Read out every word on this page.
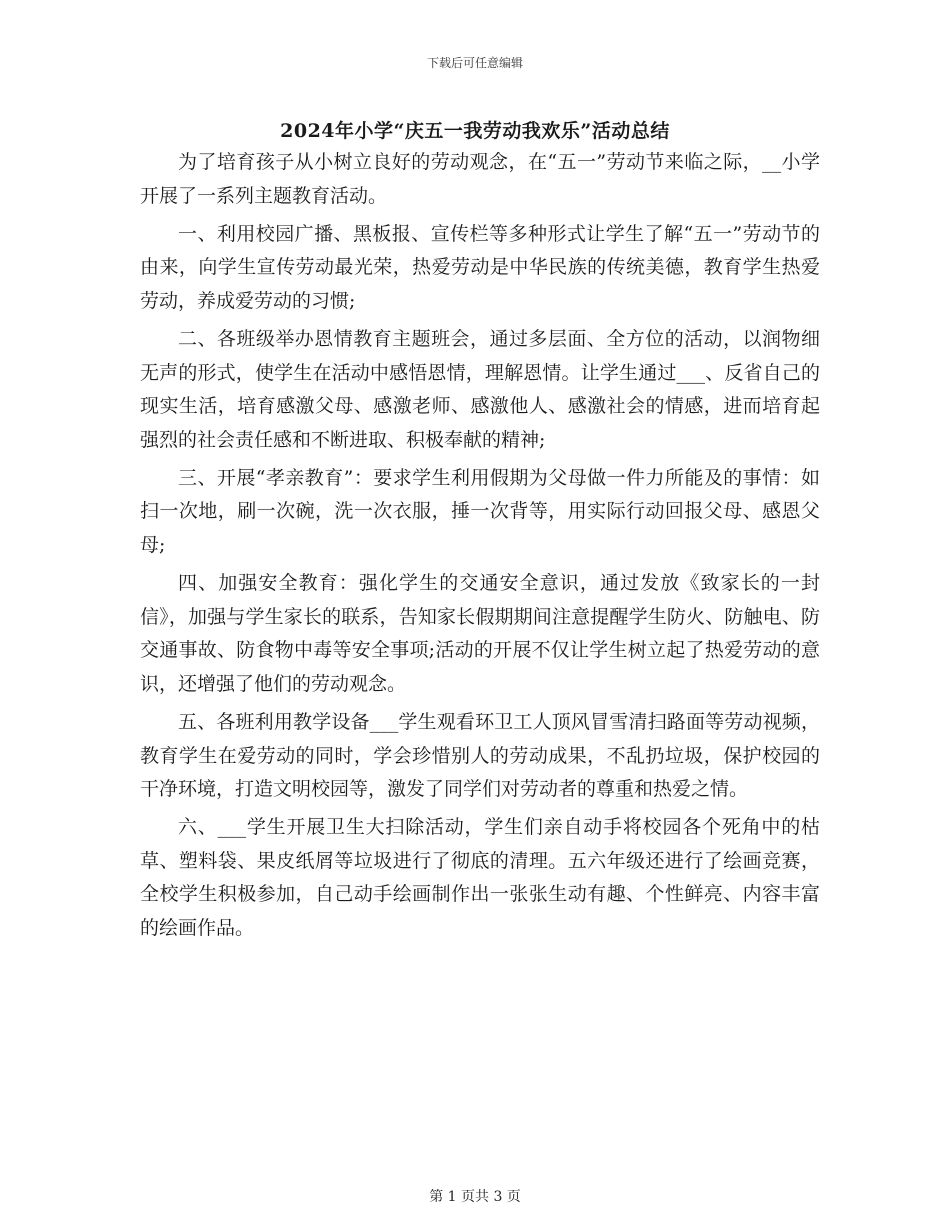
下载后可任意编辑
2024年小学“庆五一我劳动我欢乐”活动总结

为了培育孩子从小树立良好的劳动观念，在“五一”劳动节来临之际，__小学开展了一系列主题教育活动。

一、利用校园广播、黑板报、宣传栏等多种形式让学生了解“五一”劳动节的由来，向学生宣传劳动最光荣，热爱劳动是中华民族的传统美德，教育学生热爱劳动，养成爱劳动的习惯;

二、各班级举办恩情教育主题班会，通过多层面、全方位的活动，以润物细无声的形式，使学生在活动中感悟恩情，理解恩情。让学生通过___、反省自己的现实生活，培育感激父母、感激老师、感激他人、感激社会的情感，进而培育起强烈的社会责任感和不断进取、积极奉献的精神;

三、开展“孝亲教育”：要求学生利用假期为父母做一件力所能及的事情：如扫一次地，刷一次碗，洗一次衣服，捶一次背等，用实际行动回报父母、感恩父母;

四、加强安全教育：强化学生的交通安全意识，通过发放《致家长的一封信》，加强与学生家长的联系，告知家长假期期间注意提醒学生防火、防触电、防交通事故、防食物中毒等安全事项;活动的开展不仅让学生树立起了热爱劳动的意识，还增强了他们的劳动观念。

五、各班利用教学设备___学生观看环卫工人顶风冒雪清扫路面等劳动视频，教育学生在爱劳动的同时，学会珍惜别人的劳动成果，不乱扔垃圾，保护校园的干净环境，打造文明校园等，激发了同学们对劳动者的尊重和热爱之情。

六、___学生开展卫生大扫除活动，学生们亲自动手将校园各个死角中的枯草、塑料袋、果皮纸屑等垃圾进行了彻底的清理。五六年级还进行了绘画竞赛，全校学生积极参加，自己动手绘画制作出一张张生动有趣、个性鲜亮、内容丰富的绘画作品。

第 1 页共 3 页
